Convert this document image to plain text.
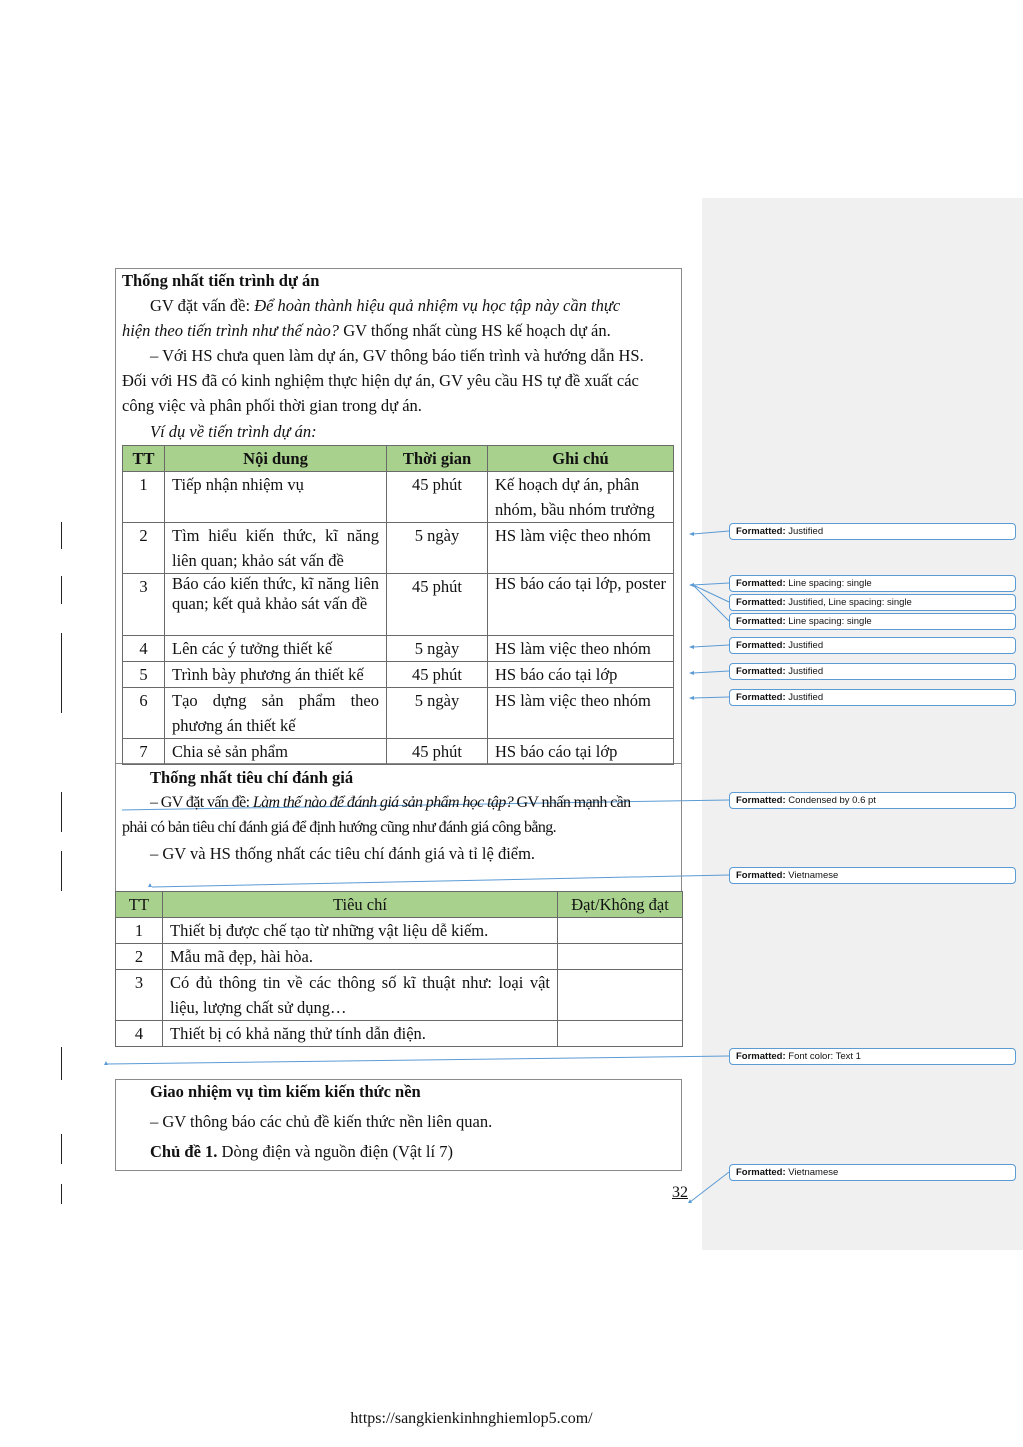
Formatted: Justified
Formatted: Line spacing: single
Formatted: Justified, Line spacing: single
Formatted: Line spacing: single
Formatted: Justified
Formatted: Justified
Formatted: Justified
Formatted: Condensed by 0.6 pt
Formatted: Vietnamese
Formatted: Font color: Text 1
Formatted: Vietnamese
Thống nhất tiến trình dự án
GV đặt vấn đề: Để hoàn thành hiệu quả nhiệm vụ học tập này cần thực
hiện theo tiến trình như thế nào? GV thống nhất cùng HS kế hoạch dự án.
– Với HS chưa quen làm dự án, GV thông báo tiến trình và hướng dẫn HS.
Đối với HS đã có kinh nghiệm thực hiện dự án, GV yêu cầu HS tự đề xuất các
công việc và phân phối thời gian trong dự án.
Ví dụ về tiến trình dự án:
TT	Nội dung	Thời gian	Ghi chú
1	Tiếp nhận nhiệm vụ	45 phút	Kế hoạch dự án, phân nhóm, bầu nhóm trưởng
2	Tìm hiểu kiến thức, kĩ năng liên quan; khảo sát vấn đề	5 ngày	HS làm việc theo nhóm
3	Báo cáo kiến thức, kĩ năng liên quan; kết quả khảo sát vấn đề	45 phút	HS báo cáo tại lớp, poster
4	Lên các ý tưởng thiết kế	5 ngày	HS làm việc theo nhóm
5	Trình bày phương án thiết kế	45 phút	HS báo cáo tại lớp
6	Tạo dựng sản phẩm theo phương án thiết kế	5 ngày	HS làm việc theo nhóm
7	Chia sẻ sản phẩm	45 phút	HS báo cáo tại lớp
Thống nhất tiêu chí đánh giá
– GV đặt vấn đề: Làm thế nào để đánh giá sản phẩm học tập? GV nhấn mạnh cần
phải có bản tiêu chí đánh giá để định hướng cũng như đánh giá công bằng.
– GV và HS thống nhất các tiêu chí đánh giá và tỉ lệ điểm.
TT	Tiêu chí	Đạt/Không đạt
1	Thiết bị được chế tạo từ những vật liệu dễ kiếm.	
2	Mẫu mã đẹp, hài hòa.	
3	Có đủ thông tin về các thông số kĩ thuật như: loại vật liệu, lượng chất sử dụng…	
4	Thiết bị có khả năng thử tính dẫn điện.	
Giao nhiệm vụ tìm kiếm kiến thức nền
– GV thông báo các chủ đề kiến thức nền liên quan.
Chủ đề 1. Dòng điện và nguồn điện (Vật lí 7)
32
https://sangkienkinhnghiemlop5.com/
